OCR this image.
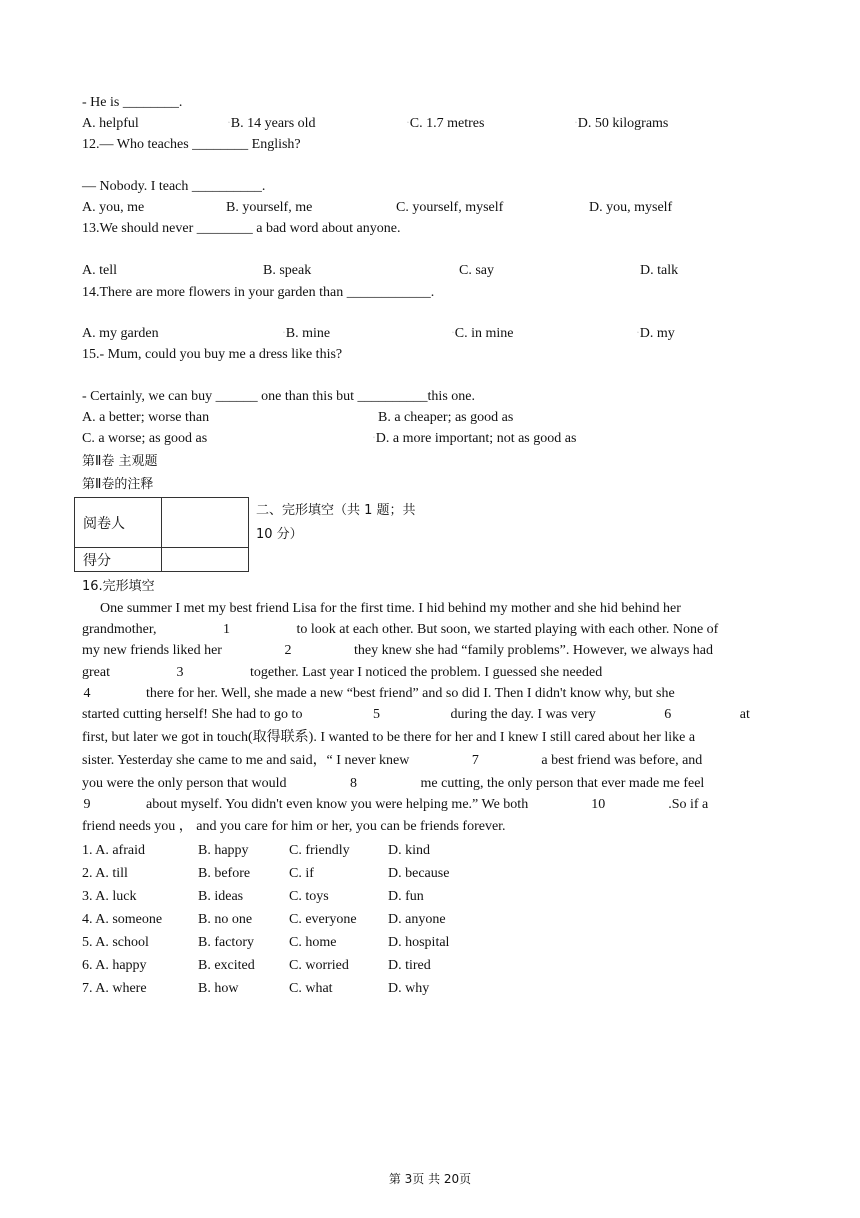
- He is ________.
A. helpful	▫B. 14 years old	▫C. 1.7 metres	▫D. 50 kilograms
12.— Who teaches ________ English?
— Nobody. I teach __________.
A. you, me	B. yourself, me	C. yourself, myself	D. you, myself
13.We should never ________ a bad word about anyone.
A. tell	B. speak	C. say	D. talk
14.There are more flowers in your garden than ____________.
A. my garden	▫B. mine	▫C. in mine	▫D. my
15.- Mum, could you buy me a dress like this?
- Certainly, we can buy ______ one than this but __________this one.
A. a better; worse than	B. a cheaper; as good as
C. a worse; as good as	▫D. a more important; not as good as
第Ⅱ卷 主观题
第Ⅱ卷的注释
阅卷人	
得分	
二、完形填空（共 1 题；共
10 分）
16.完形填空
One summer I met my best friend Lisa for the first time. I hid behind my mother and she hid behind her
grandmother,	1	to look at each other. But soon, we started playing with each other. None of
my new friends liked her	2	they knew she had “family problems”. However, we always had
great	3	together. Last year I noticed the problem. I guessed she needed
4	there for her. Well, she made a new “best friend” and so did I. Then I didn't know why, but she
started cutting herself! She had to go to	5	during the day. I was very	6	at
first, but later we got in touch(取得联系). I wanted to be there for her and I knew I still cared about her like a
sister. Yesterday she came to me and said，“ I never knew	7	a best friend was before, and
you were the only person that would	8	me cutting, the only person that ever made me feel
9	about myself. You didn't even know you were helping me.” We both	10	.So if a
friend needs you ， and you care for him or her, you can be friends forever.
1. A. afraid	B. happy	C. friendly	D. kind
2. A. till	B. before	C. if	D. because
3. A. luck	B. ideas	C. toys	D. fun
4. A. someone	B. no one	C. everyone D. anyone
5. A. school	B. factory	C. home	D. hospital
6. A. happy	B. excited C. worried	D. tired
7. A. where	B. how	C. what	D. why
第 3页 共 20页
